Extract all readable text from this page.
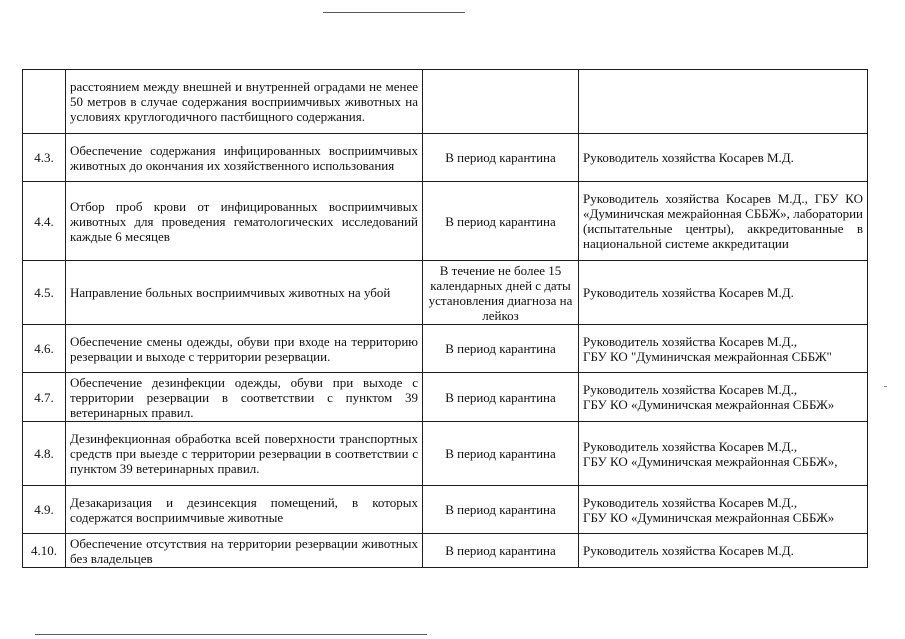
	расстоянием между внешней и внутренней оградами не менее 50 метров в случае содержания восприимчивых животных на условиях круглогодичного пастбищного содержания.		
4.3.	Обеспечение содержания инфицированных восприимчивых животных до окончания их хозяйственного использования	В период карантина	Руководитель хозяйства Косарев М.Д.

4.4.	Отбор проб крови от инфицированных восприимчивых животных для проведения гематологических исследований каждые 6 месяцев	В период карантина	Руководитель хозяйства Косарев М.Д., ГБУ КО «Думиничская межрайонная СББЖ», лаборатории (испытательные центры), аккредитованные в национальной системе аккредитации

4.5.	Направление больных восприимчивых животных на убой	В течение не более 15 календарных дней с даты установления диагноза на лейкоз	Руководитель хозяйства Косарев М.Д.

4.6.	Обеспечение смены одежды, обуви при входе на территорию резервации и выходе с территории резервации.	В период карантина	Руководитель хозяйства Косарев М.Д.,
ГБУ КО "Думиничская межрайонная СББЖ"

4.7.	Обеспечение дезинфекции одежды, обуви при выходе с территории резервации в соответствии с пунктом 39 ветеринарных правил.	В период карантина	Руководитель хозяйства Косарев М.Д.,
ГБУ КО «Думиничская межрайонная СББЖ»

4.8.	Дезинфекционная обработка всей поверхности транспортных средств при выезде с территории резервации в соответствии с пунктом 39 ветеринарных правил.	В период карантина	Руководитель хозяйства Косарев М.Д.,
ГБУ КО «Думиничская межрайонная СББЖ»,

4.9.	Дезакаризация и дезинсекция помещений, в которых содержатся восприимчивые животные	В период карантина	Руководитель хозяйства Косарев М.Д.,
ГБУ КО «Думиничская межрайонная СББЖ»

4.10.	Обеспечение отсутствия на территории резервации животных без владельцев	В период карантина	Руководитель хозяйства Косарев М.Д.
